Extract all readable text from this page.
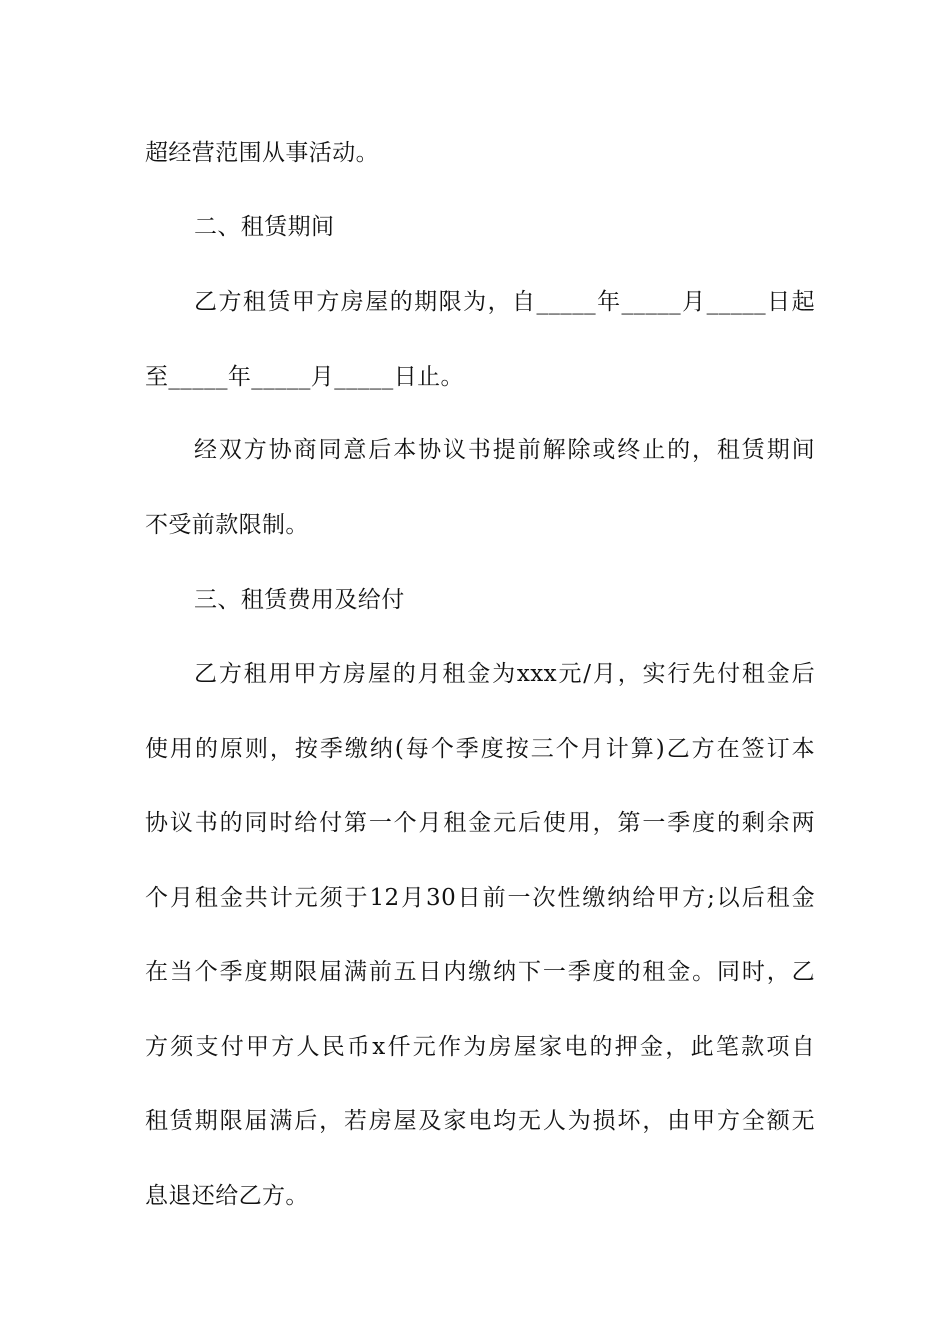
超经营范围从事活动。
二、租赁期间
乙方租赁甲方房屋的期限为，自_____年_____月_____日起
至_____年_____月_____日止。
经双方协商同意后本协议书提前解除或终止的，租赁期间
不受前款限制。
三、租赁费用及给付
乙方租用甲方房屋的月租金为xxx元/月，实行先付租金后
使用的原则，按季缴纳(每个季度按三个月计算)乙方在签订本
协议书的同时给付第一个月租金元后使用，第一季度的剩余两
个月租金共计元须于12月30日前一次性缴纳给甲方;以后租金
在当个季度期限届满前五日内缴纳下一季度的租金。同时，乙
方须支付甲方人民币x仟元作为房屋家电的押金，此笔款项自
租赁期限届满后，若房屋及家电均无人为损坏，由甲方全额无
息退还给乙方。
